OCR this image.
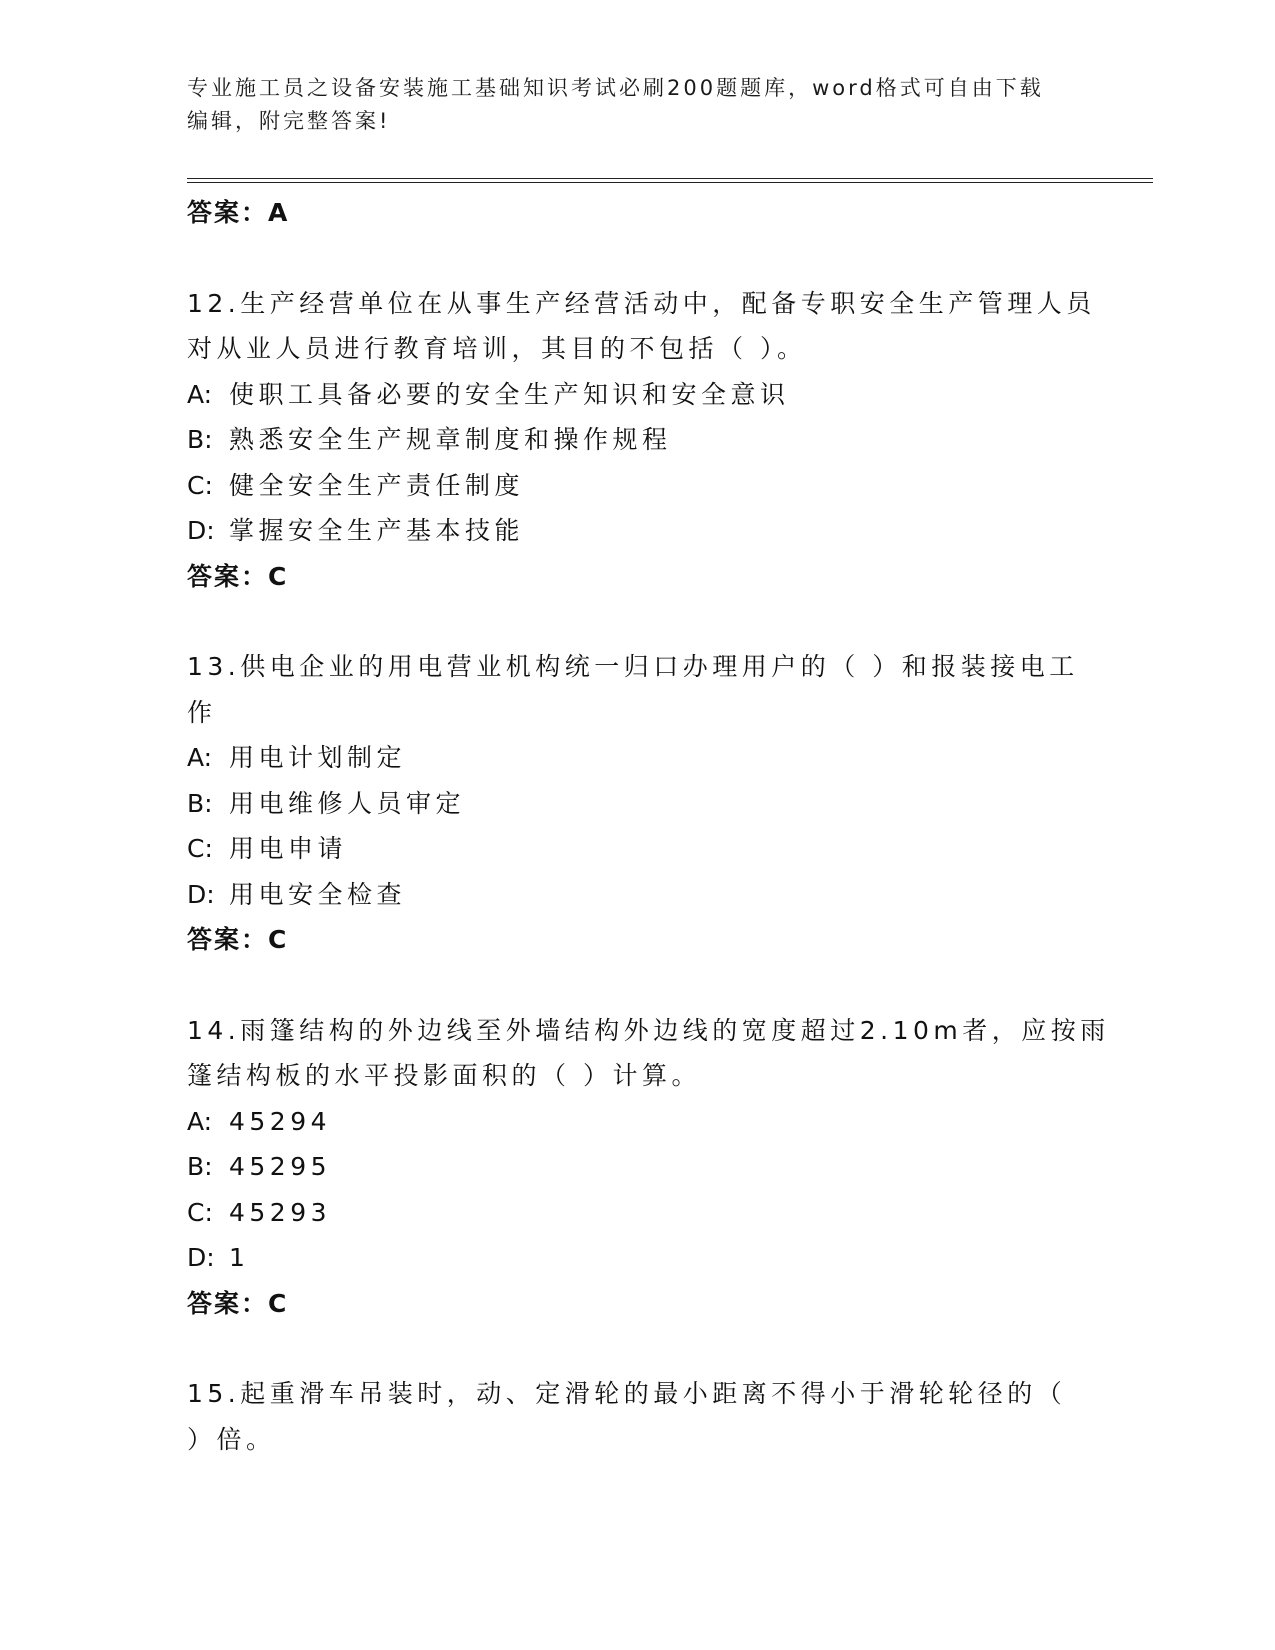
专业施工员之设备安装施工基础知识考试必刷200题题库，word格式可自由下载编辑，附完整答案!
答案：A
12.生产经营单位在从事生产经营活动中，配备专职安全生产管理人员
对从业人员进行教育培训，其目的不包括（ ）。
A: 使职工具备必要的安全生产知识和安全意识
B: 熟悉安全生产规章制度和操作规程
C: 健全安全生产责任制度
D: 掌握安全生产基本技能
答案：C
13.供电企业的用电营业机构统一归口办理用户的（ ）和报装接电工
作
A: 用电计划制定
B: 用电维修人员审定
C: 用电申请
D: 用电安全检查
答案：C
14.雨篷结构的外边线至外墙结构外边线的宽度超过2.10m者，应按雨
篷结构板的水平投影面积的（ ）计算。
A: 45294
B: 45295
C: 45293
D: 1
答案：C
15.起重滑车吊装时，动、定滑轮的最小距离不得小于滑轮轮径的（
）倍。
